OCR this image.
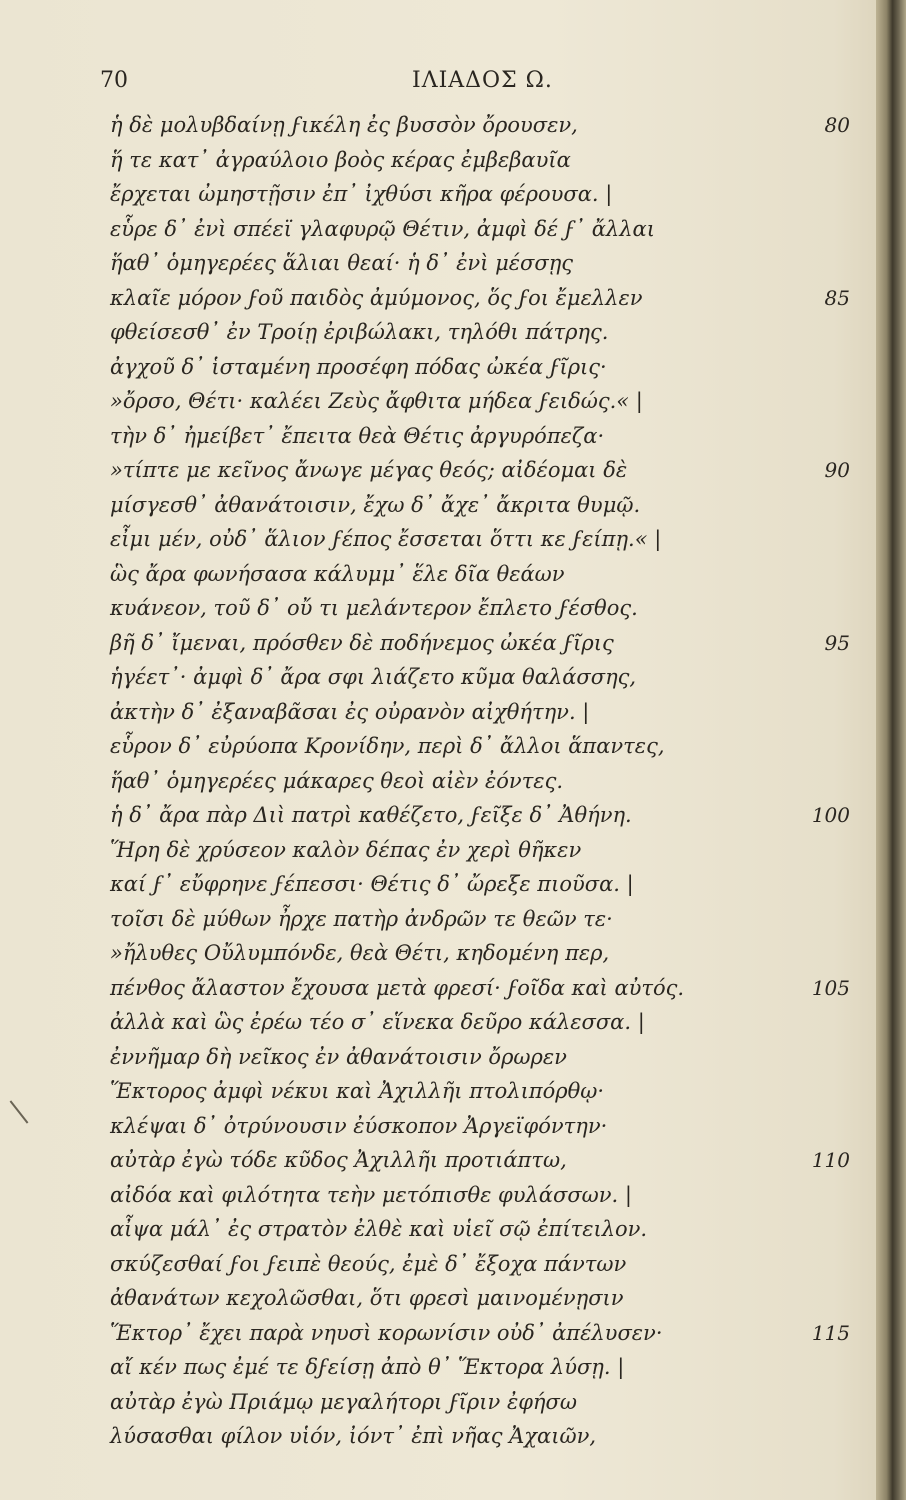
70	ΙΛΙΑΔΟΣ Ω.
ἡ δὲ μολυβδαίνῃ ϝικέλη ἐς βυσσὸν ὄρουσεν,	80
ἥ τε κατ᾽ ἀγραύλοιο βοὸς κέρας ἐμβεβαυῖα
ἔρχεται ὠμηστῇσιν ἐπ᾽ ἰχθύσι κῆρα φέρουσα. |
εὗρε δ᾽ ἐνὶ σπέεϊ γλαφυρῷ Θέτιν, ἀμφὶ δέ ϝ᾽ ἄλλαι
ἥαθ᾽ ὁμηγερέες ἅλιαι θεαί· ἡ δ᾽ ἐνὶ μέσσῃς
κλαῖε μόρον ϝοῦ παιδὸς ἀμύμονος, ὅς ϝοι ἔμελλεν	85
φθείσεσθ᾽ ἐν Τροίῃ ἐριβώλακι, τηλόθι πάτρης.
ἀγχοῦ δ᾽ ἱσταμένη προσέφη πόδας ὠκέα ϝῖρις·
»ὄρσο, Θέτι· καλέει Ζεὺς ἄφθιτα μήδεα ϝειδώς.« |
τὴν δ᾽ ἠμείβετ᾽ ἔπειτα θεὰ Θέτις ἀργυρόπεζα·
»τίπτε με κεῖνος ἄνωγε μέγας θεός; αἰδέομαι δὲ	90
μίσγεσθ᾽ ἀθανάτοισιν, ἔχω δ᾽ ἄχε᾽ ἄκριτα θυμῷ.
εἶμι μέν, οὐδ᾽ ἅλιον ϝέπος ἔσσεται ὅττι κε ϝείπῃ.« |
ὣς ἄρα φωνήσασα κάλυμμ᾽ ἕλε δῖα θεάων
κυάνεον, τοῦ δ᾽ οὔ τι μελάντερον ἔπλετο ϝέσθος.
βῆ δ᾽ ἴμεναι, πρόσθεν δὲ ποδήνεμος ὠκέα ϝῖρις	95
ἡγέετ᾽· ἀμφὶ δ᾽ ἄρα σφι λιάζετο κῦμα θαλάσσης,
ἀκτὴν δ᾽ ἐξαναβᾶσαι ἐς οὐρανὸν αἰχθήτην. |
εὗρον δ᾽ εὐρύοπα Κρονίδην, περὶ δ᾽ ἄλλοι ἅπαντες,
ἥαθ᾽ ὁμηγερέες μάκαρες θεοὶ αἰὲν ἐόντες.
ἡ δ᾽ ἄρα πὰρ Διὶ πατρὶ καθέζετο, ϝεῖξε δ᾽ Ἀθήνη.	100
Ἥρη δὲ χρύσεον καλὸν δέπας ἐν χερὶ θῆκεν
καί ϝ᾽ εὔφρηνε ϝέπεσσι· Θέτις δ᾽ ὤρεξε πιοῦσα. |
τοῖσι δὲ μύθων ἦρχε πατὴρ ἀνδρῶν τε θεῶν τε·
»ἤλυθες Οὔλυμπόνδε, θεὰ Θέτι, κηδομένη περ,
πένθος ἄλαστον ἔχουσα μετὰ φρεσί· ϝοῖδα καὶ αὐτός.	105
ἀλλὰ καὶ ὣς ἐρέω τέο σ᾽ εἵνεκα δεῦρο κάλεσσα. |
ἐννῆμαρ δὴ νεῖκος ἐν ἀθανάτοισιν ὄρωρεν
Ἕκτορος ἀμφὶ νέκυι καὶ Ἀχιλλῆι πτολιπόρθῳ·
κλέψαι δ᾽ ὀτρύνουσιν ἐύσκοπον Ἀργεϊφόντην·
αὐτὰρ ἐγὼ τόδε κῦδος Ἀχιλλῆι προτιάπτω,	110
αἰδόα καὶ φιλότητα τεὴν μετόπισθε φυλάσσων. |
αἶψα μάλ᾽ ἐς στρατὸν ἐλθὲ καὶ υἱεῖ σῷ ἐπίτειλον.
σκύζεσθαί ϝοι ϝειπὲ θεούς, ἐμὲ δ᾽ ἔξοχα πάντων
ἀθανάτων κεχολῶσθαι, ὅτι φρεσὶ μαινομένῃσιν
Ἕκτορ᾽ ἔχει παρὰ νηυσὶ κορωνίσιν οὐδ᾽ ἀπέλυσεν·	115
αἴ κέν πως ἐμέ τε δϝείσῃ ἀπὸ θ᾽ Ἕκτορα λύσῃ. |
αὐτὰρ ἐγὼ Πριάμῳ μεγαλήτορι ϝῖριν ἐφήσω
λύσασθαι φίλον υἱόν, ἰόντ᾽ ἐπὶ νῆας Ἀχαιῶν,
